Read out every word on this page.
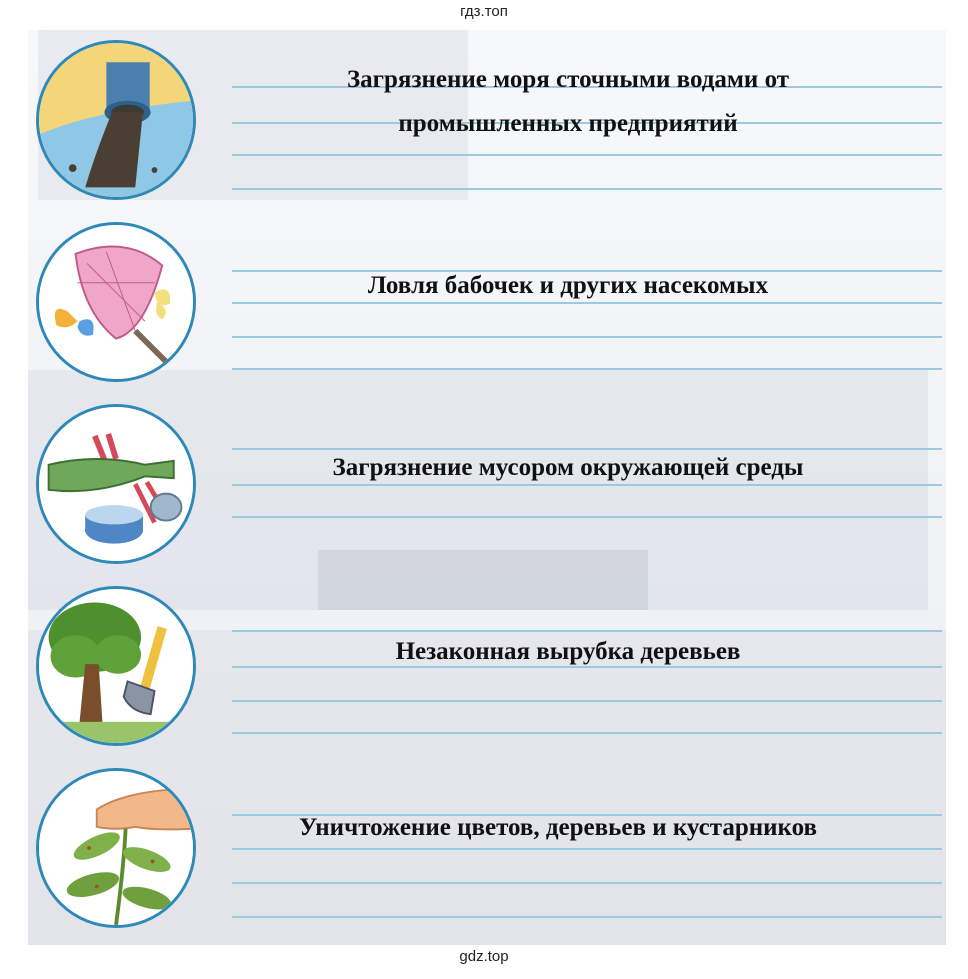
гдз.топ
Загрязнение моря сточными водами от промышленных предприятий
Ловля бабочек и других насекомых
Загрязнение мусором окружающей среды
Незаконная вырубка деревьев
Уничтожение цветов, деревьев и кустарников
gdz.top
